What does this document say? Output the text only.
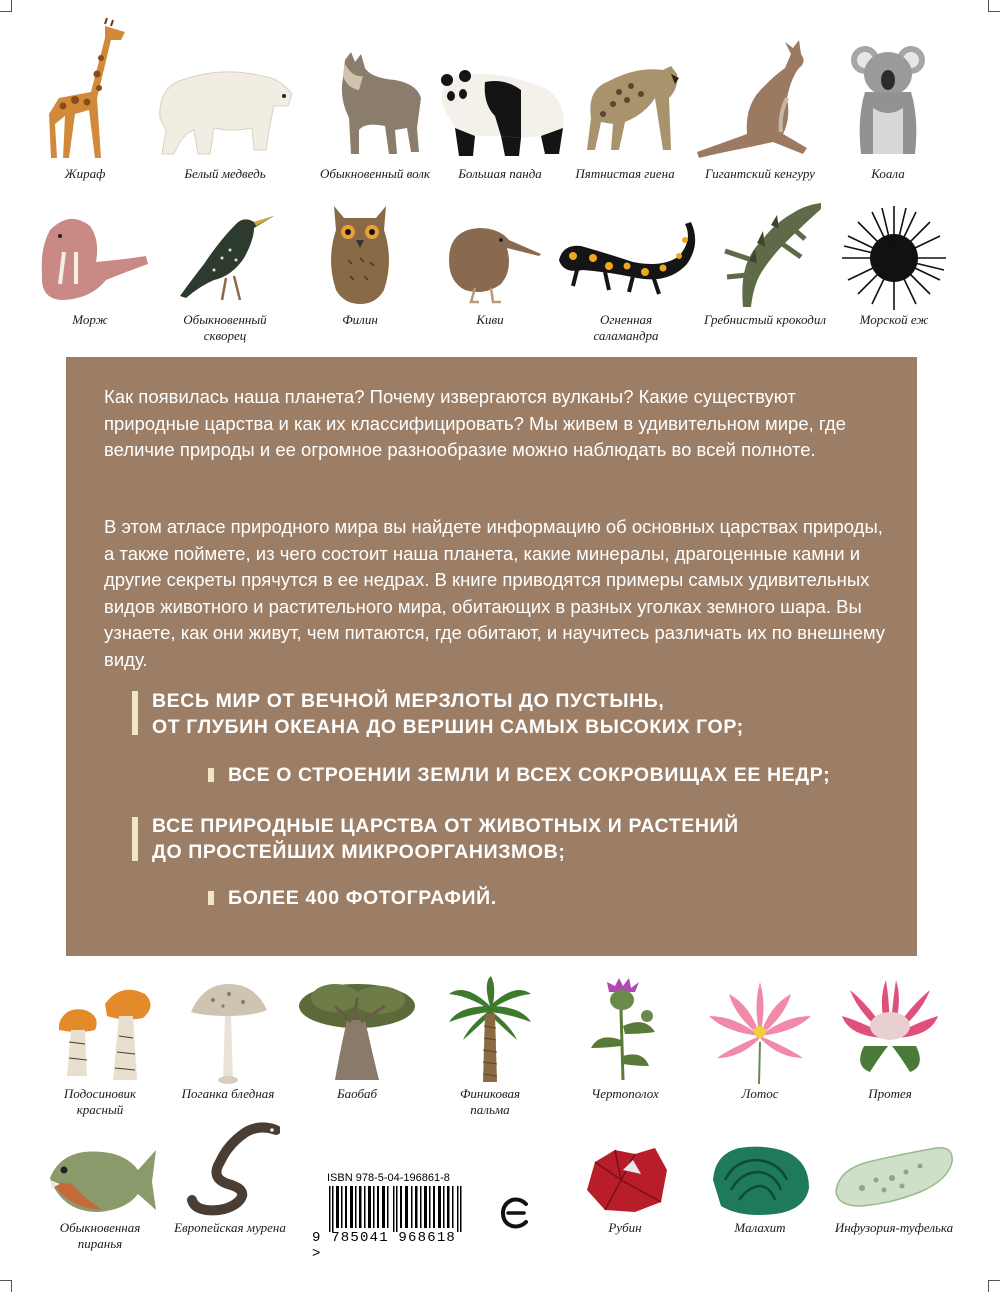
Жираф	Белый медведь	Обыкновенный волк	Большая панда	Пятнистая гиена	Гигантский кенгуру	Коала
Морж	Обыкновенный скворец
Филин	Киви	Огненная саламандра
Гребнистый крокодил	Морской еж
Как появилась наша планета? Почему извергаются вулканы? Какие существуют природные царства и как их классифицировать? Мы живем в удивительном мире, где величие природы и ее огромное разнообразие можно наблюдать во всей полноте.
В этом атласе природного мира вы найдете информацию об основных царствах природы, а также поймете, из чего состоит наша планета, какие минералы, драгоценные камни и другие секреты прячутся в ее недрах. В книге приводятся примеры самых удивительных видов животного и растительного мира, обитающих в разных уголках земного шара. Вы узнаете, как они живут, чем питаются, где обитают, и научитесь различать их по внешнему виду.
ВЕСЬ МИР ОТ ВЕЧНОЙ МЕРЗЛОТЫ ДО ПУСТЫНЬ,
ОТ ГЛУБИН ОКЕАНА ДО ВЕРШИН САМЫХ ВЫСОКИХ ГОР;
ВСЕ О СТРОЕНИИ ЗЕМЛИ И ВСЕХ СОКРОВИЩАХ ЕЕ НЕДР;
ВСЕ ПРИРОДНЫЕ ЦАРСТВА ОТ ЖИВОТНЫХ И РАСТЕНИЙ
ДО ПРОСТЕЙШИХ МИКРООРГАНИЗМОВ;
БОЛЕЕ 400 ФОТОГРАФИЙ.
Подосиновик красный
Поганка бледная	Баобаб	Финиковая пальма
Чертополох	Лотос	Протея
Обыкновенная пиранья
Европейская мурена
ISBN 978-5-04-196861-8
9 785041 968618 >
Рубин	Малахит	Инфузория-туфелька
